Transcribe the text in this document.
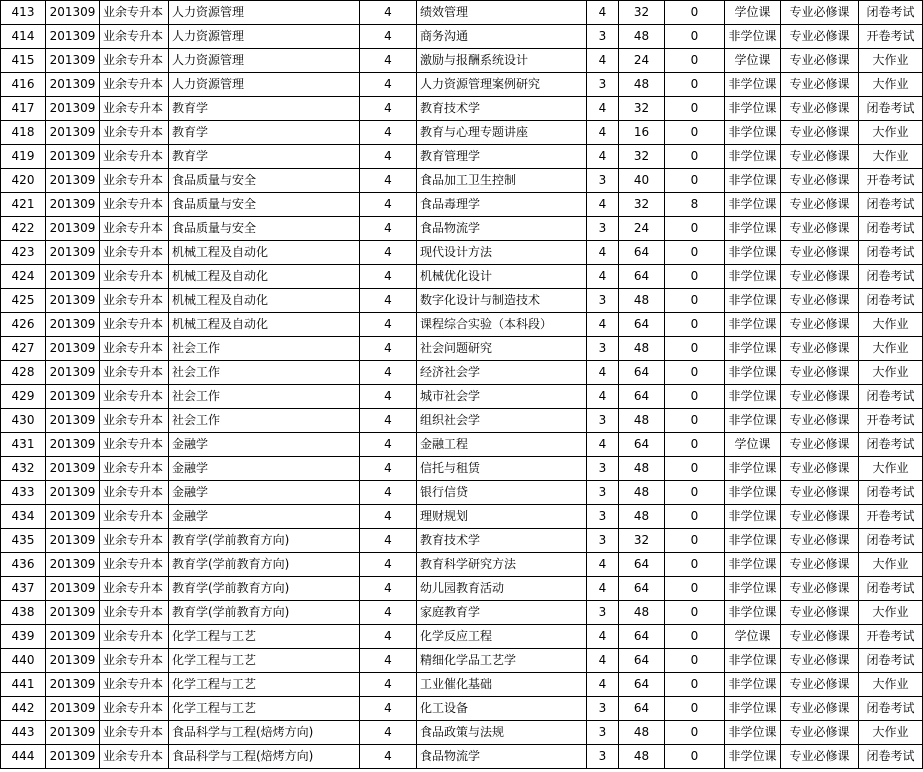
413	201309	业余专升本	人力资源管理	4	绩效管理	4	32	0	学位课	专业必修课	闭卷考试
414	201309	业余专升本	人力资源管理	4	商务沟通	3	48	0	非学位课	专业必修课	开卷考试
415	201309	业余专升本	人力资源管理	4	激励与报酬系统设计	4	24	0	学位课	专业必修课	大作业
416	201309	业余专升本	人力资源管理	4	人力资源管理案例研究	3	48	0	非学位课	专业必修课	大作业
417	201309	业余专升本	教育学	4	教育技术学	4	32	0	非学位课	专业必修课	闭卷考试
418	201309	业余专升本	教育学	4	教育与心理专题讲座	4	16	0	非学位课	专业必修课	大作业
419	201309	业余专升本	教育学	4	教育管理学	4	32	0	非学位课	专业必修课	大作业
420	201309	业余专升本	食品质量与安全	4	食品加工卫生控制	3	40	0	非学位课	专业必修课	开卷考试
421	201309	业余专升本	食品质量与安全	4	食品毒理学	4	32	8	非学位课	专业必修课	闭卷考试
422	201309	业余专升本	食品质量与安全	4	食品物流学	3	24	0	非学位课	专业必修课	闭卷考试
423	201309	业余专升本	机械工程及自动化	4	现代设计方法	4	64	0	非学位课	专业必修课	闭卷考试
424	201309	业余专升本	机械工程及自动化	4	机械优化设计	4	64	0	非学位课	专业必修课	闭卷考试
425	201309	业余专升本	机械工程及自动化	4	数字化设计与制造技术	3	48	0	非学位课	专业必修课	闭卷考试
426	201309	业余专升本	机械工程及自动化	4	课程综合实验（本科段）	4	64	0	非学位课	专业必修课	大作业
427	201309	业余专升本	社会工作	4	社会问题研究	3	48	0	非学位课	专业必修课	大作业
428	201309	业余专升本	社会工作	4	经济社会学	4	64	0	非学位课	专业必修课	大作业
429	201309	业余专升本	社会工作	4	城市社会学	4	64	0	非学位课	专业必修课	闭卷考试
430	201309	业余专升本	社会工作	4	组织社会学	3	48	0	非学位课	专业必修课	开卷考试
431	201309	业余专升本	金融学	4	金融工程	4	64	0	学位课	专业必修课	闭卷考试
432	201309	业余专升本	金融学	4	信托与租赁	3	48	0	非学位课	专业必修课	大作业
433	201309	业余专升本	金融学	4	银行信贷	3	48	0	非学位课	专业必修课	闭卷考试
434	201309	业余专升本	金融学	4	理财规划	3	48	0	非学位课	专业必修课	开卷考试
435	201309	业余专升本	教育学(学前教育方向)	4	教育技术学	3	32	0	非学位课	专业必修课	闭卷考试
436	201309	业余专升本	教育学(学前教育方向)	4	教育科学研究方法	4	64	0	非学位课	专业必修课	大作业
437	201309	业余专升本	教育学(学前教育方向)	4	幼儿园教育活动	4	64	0	非学位课	专业必修课	闭卷考试
438	201309	业余专升本	教育学(学前教育方向)	4	家庭教育学	3	48	0	非学位课	专业必修课	大作业
439	201309	业余专升本	化学工程与工艺	4	化学反应工程	4	64	0	学位课	专业必修课	开卷考试
440	201309	业余专升本	化学工程与工艺	4	精细化学品工艺学	4	64	0	非学位课	专业必修课	闭卷考试
441	201309	业余专升本	化学工程与工艺	4	工业催化基础	4	64	0	非学位课	专业必修课	大作业
442	201309	业余专升本	化学工程与工艺	4	化工设备	3	64	0	非学位课	专业必修课	闭卷考试
443	201309	业余专升本	食品科学与工程(焙烤方向)	4	食品政策与法规	3	48	0	非学位课	专业必修课	大作业
444	201309	业余专升本	食品科学与工程(焙烤方向)	4	食品物流学	3	48	0	非学位课	专业必修课	闭卷考试
